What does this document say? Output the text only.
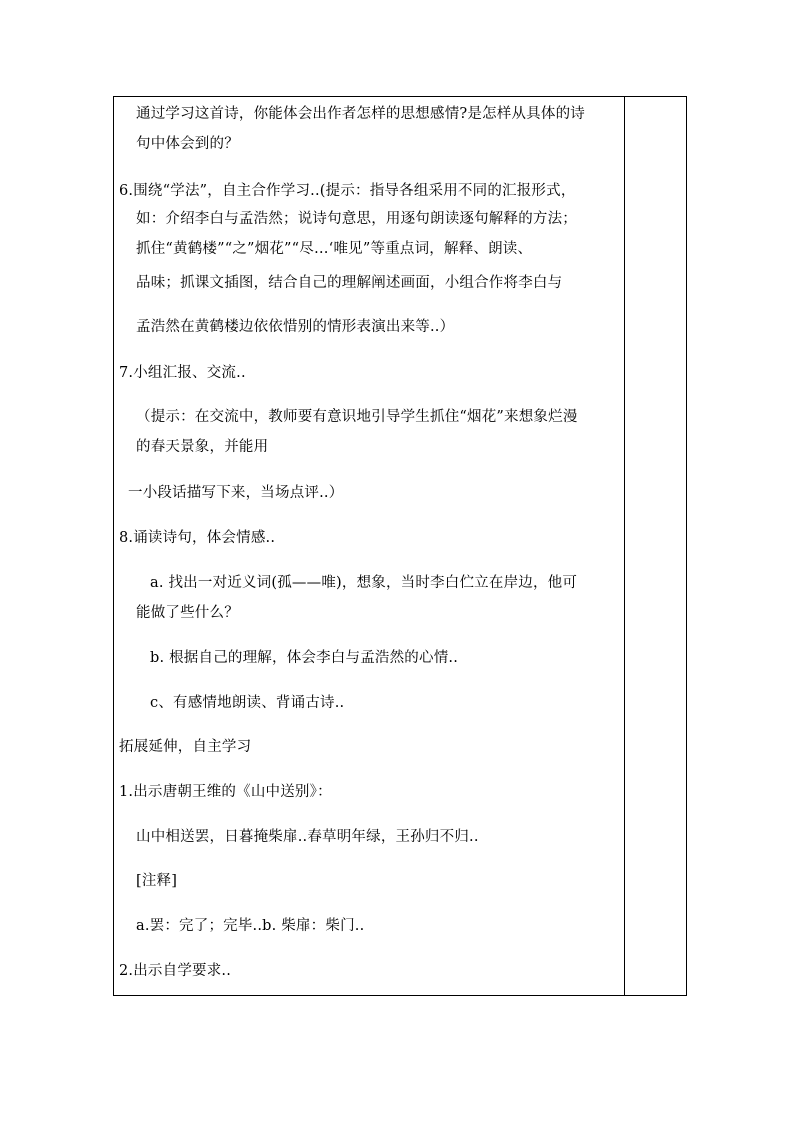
通过学习这首诗，你能体会出作者怎样的思想感情?是怎样从具体的诗
句中体会到的？
6.围绕“学法”，自主合作学习..(提示：指导各组采用不同的汇报形式，
如：介绍李白与孟浩然；说诗句意思，用逐句朗读逐句解释的方法；
抓住“黄鹤楼”“之”烟花”“尽…‘唯见”等重点词，解释、朗读、
品味；抓课文插图，结合自己的理解阐述画面，小组合作将李白与
孟浩然在黄鹤楼边依依惜别的情形表演出来等..）
7.小组汇报、交流..
（提示：在交流中，教师要有意识地引导学生抓住“烟花”来想象烂漫
的春天景象，并能用
一小段话描写下来，当场点评..）
8.诵读诗句，体会情感..
a. 找出一对近义词(孤——唯)，想象，当时李白伫立在岸边，他可
能做了些什么？
b. 根据自己的理解，体会李白与孟浩然的心情..
c、有感情地朗读、背诵古诗..
拓展延伸，自主学习
1.出示唐朝王维的《山中送别》：
山中相送罢，日暮掩柴扉..春草明年绿，王孙归不归..
[注释]
a.罢：完了；完毕..b. 柴扉：柴门..
2.出示自学要求..
